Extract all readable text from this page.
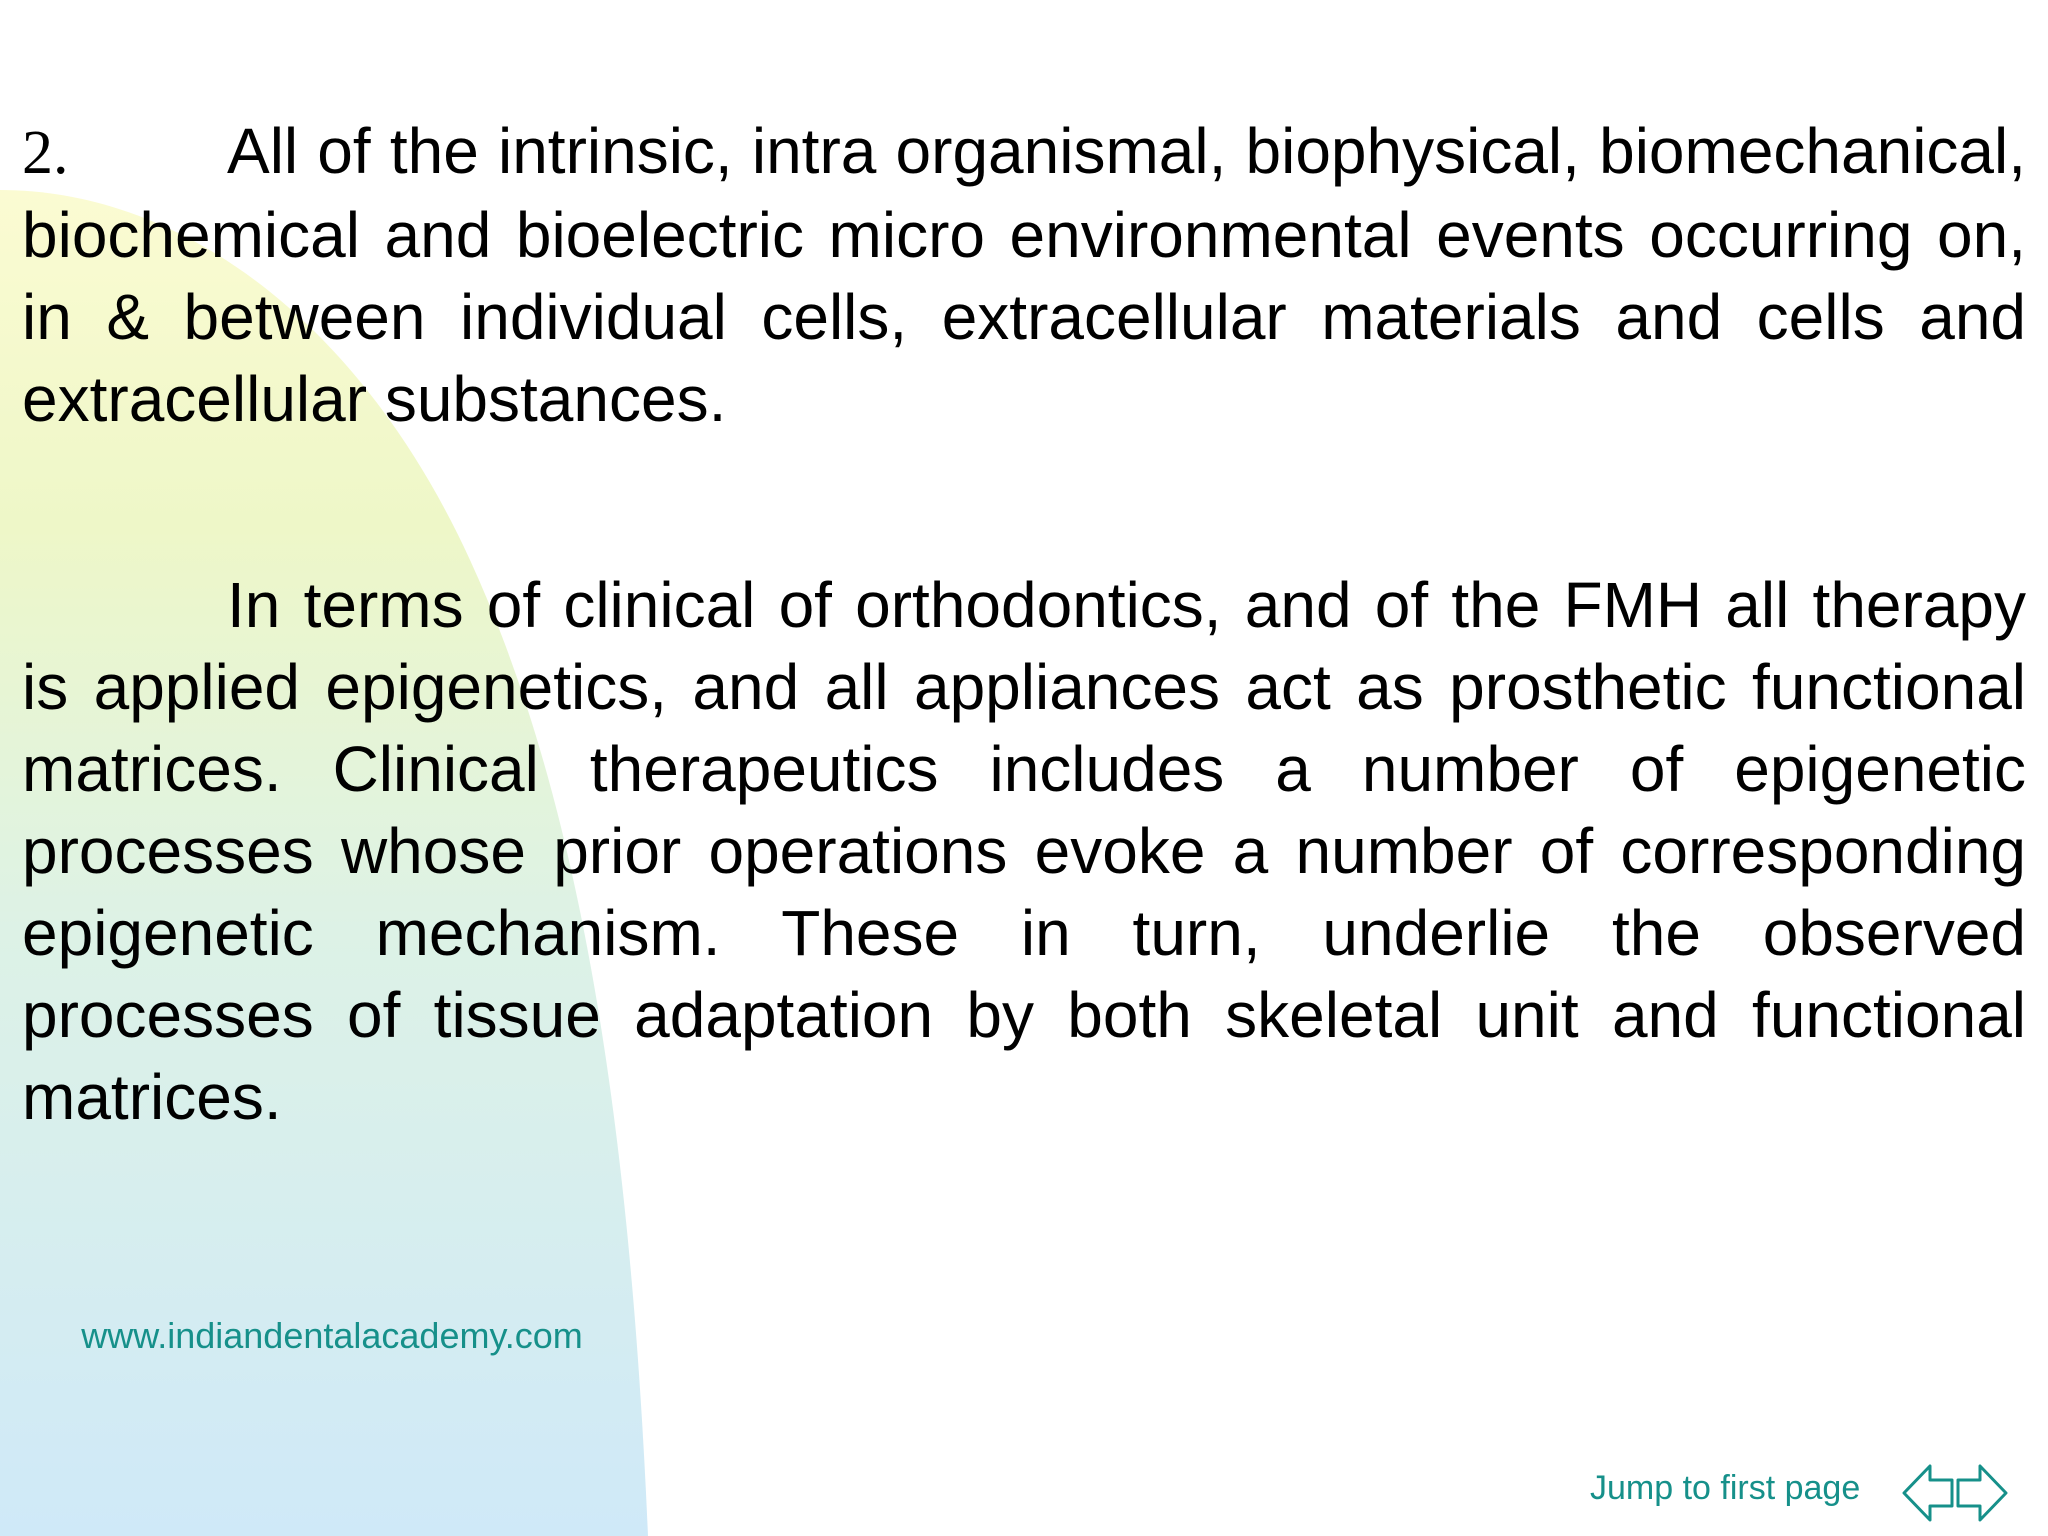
2. All of the intrinsic, intra organismal, biophysical, biomechanical, biochemical and bioelectric micro environmental events occurring on, in & between individual cells, extracellular materials and cells and extracellular substances.

In terms of clinical of orthodontics, and of the FMH all therapy is applied epigenetics, and all appliances act as prosthetic functional matrices. Clinical therapeutics includes a number of epigenetic processes whose prior operations evoke a number of corresponding epigenetic mechanism. These in turn, underlie the observed processes of tissue adaptation by both skeletal unit and functional matrices.

www.indiandentalacademy.com

Jump to first page
